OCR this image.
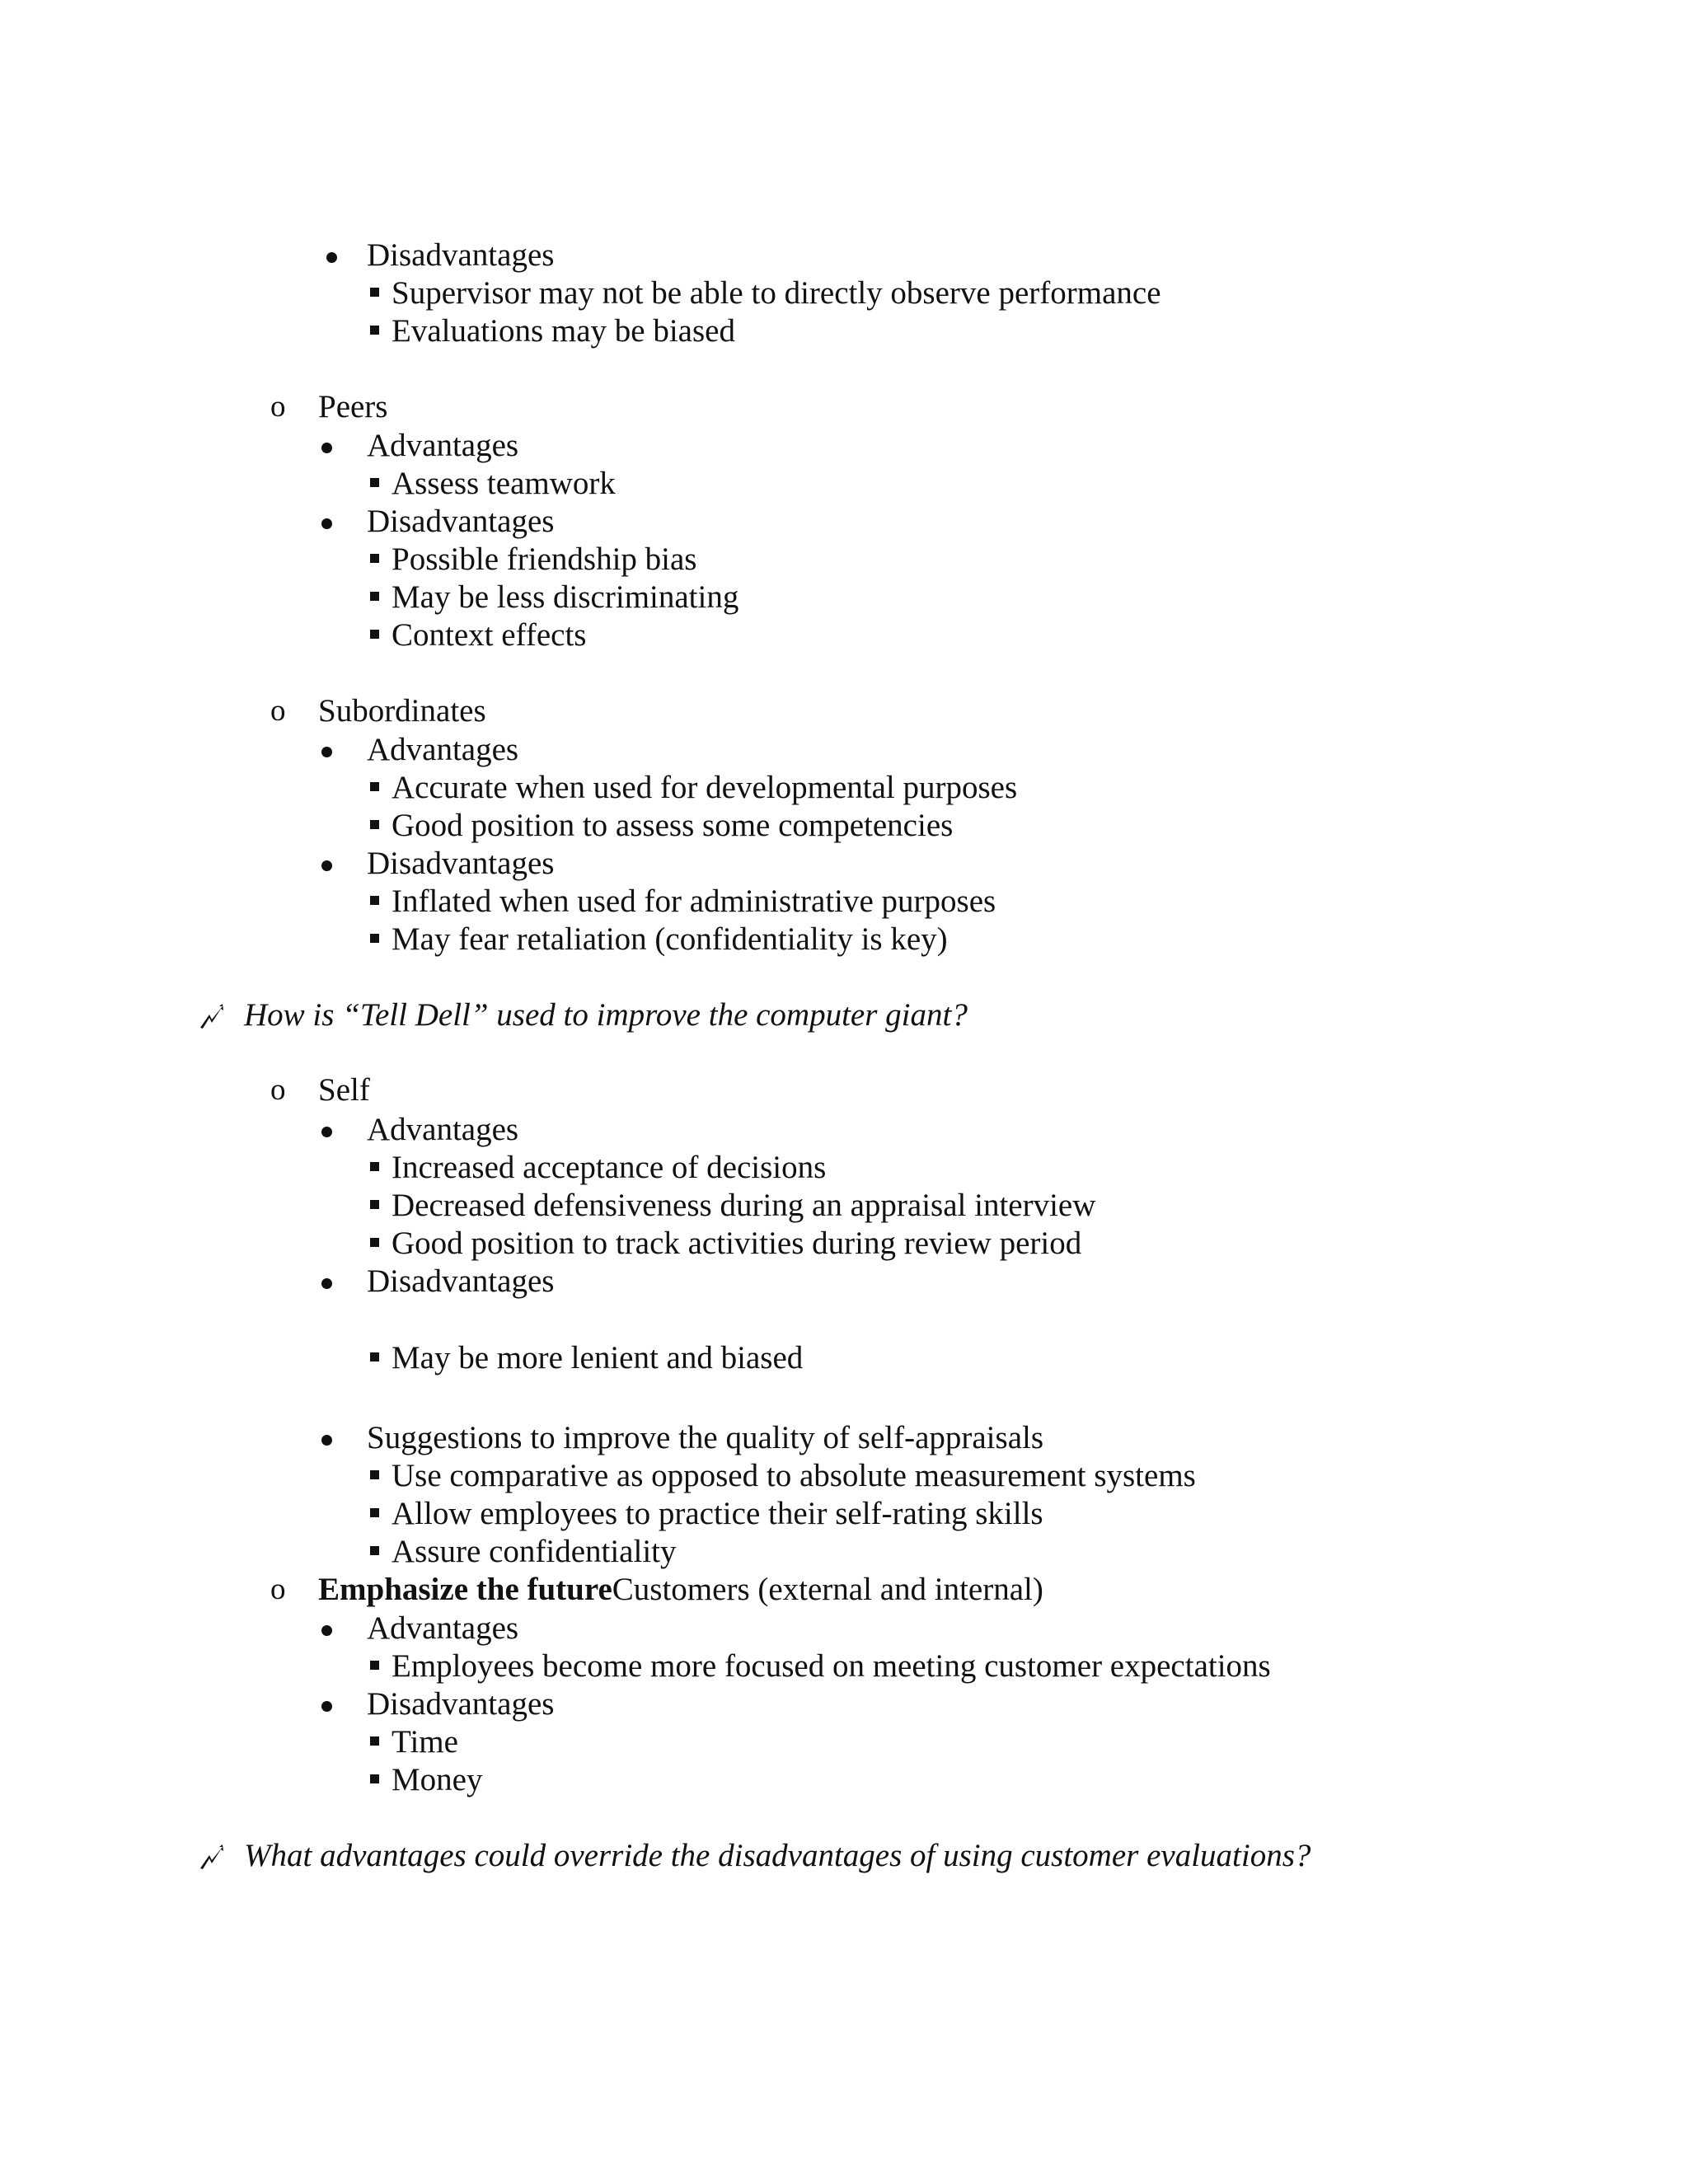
Disadvantages
Supervisor may not be able to directly observe performance
Evaluations may be biased
o Peers
Advantages
Assess teamwork
Disadvantages
Possible friendship bias
May be less discriminating
Context effects
o Subordinates
Advantages
Accurate when used for developmental purposes
Good position to assess some competencies
Disadvantages
Inflated when used for administrative purposes
May fear retaliation (confidentiality is key)
How is “Tell Dell” used to improve the computer giant?
o Self
Advantages
Increased acceptance of decisions
Decreased defensiveness during an appraisal interview
Good position to track activities during review period
Disadvantages
May be more lenient and biased
Suggestions to improve the quality of self-appraisals
Use comparative as opposed to absolute measurement systems
Allow employees to practice their self-rating skills
Assure confidentiality
o Emphasize the futureCustomers (external and internal)
Advantages
Employees become more focused on meeting customer expectations
Disadvantages
Time
Money
What advantages could override the disadvantages of using customer evaluations?
